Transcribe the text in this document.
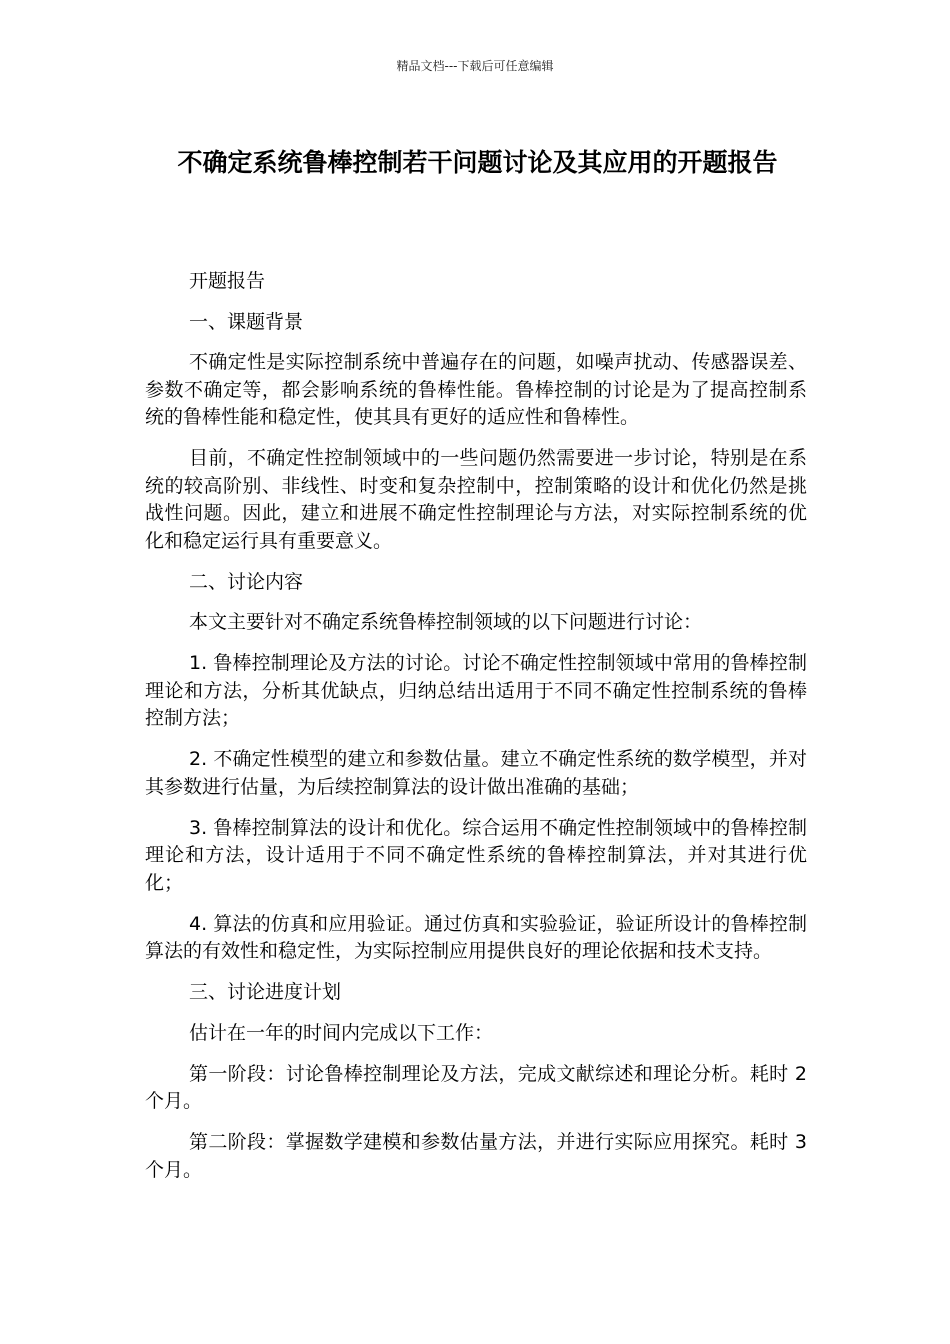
精品文档---下载后可任意编辑
不确定系统鲁棒控制若干问题讨论及其应用的开题报告

开题报告

一、课题背景

不确定性是实际控制系统中普遍存在的问题，如噪声扰动、传感器误差、参数不确定等，都会影响系统的鲁棒性能。鲁棒控制的讨论是为了提高控制系统的鲁棒性能和稳定性，使其具有更好的适应性和鲁棒性。

目前，不确定性控制领域中的一些问题仍然需要进一步讨论，特别是在系统的较高阶别、非线性、时变和复杂控制中，控制策略的设计和优化仍然是挑战性问题。因此，建立和进展不确定性控制理论与方法，对实际控制系统的优化和稳定运行具有重要意义。

二、讨论内容

本文主要针对不确定系统鲁棒控制领域的以下问题进行讨论：

1. 鲁棒控制理论及方法的讨论。讨论不确定性控制领域中常用的鲁棒控制理论和方法，分析其优缺点，归纳总结出适用于不同不确定性控制系统的鲁棒控制方法；

2. 不确定性模型的建立和参数估量。建立不确定性系统的数学模型，并对其参数进行估量，为后续控制算法的设计做出准确的基础；

3. 鲁棒控制算法的设计和优化。综合运用不确定性控制领域中的鲁棒控制理论和方法，设计适用于不同不确定性系统的鲁棒控制算法，并对其进行优化；

4. 算法的仿真和应用验证。通过仿真和实验验证，验证所设计的鲁棒控制算法的有效性和稳定性，为实际控制应用提供良好的理论依据和技术支持。

三、讨论进度计划

估计在一年的时间内完成以下工作：

第一阶段：讨论鲁棒控制理论及方法，完成文献综述和理论分析。耗时 2 个月。

第二阶段：掌握数学建模和参数估量方法，并进行实际应用探究。耗时 3 个月。
